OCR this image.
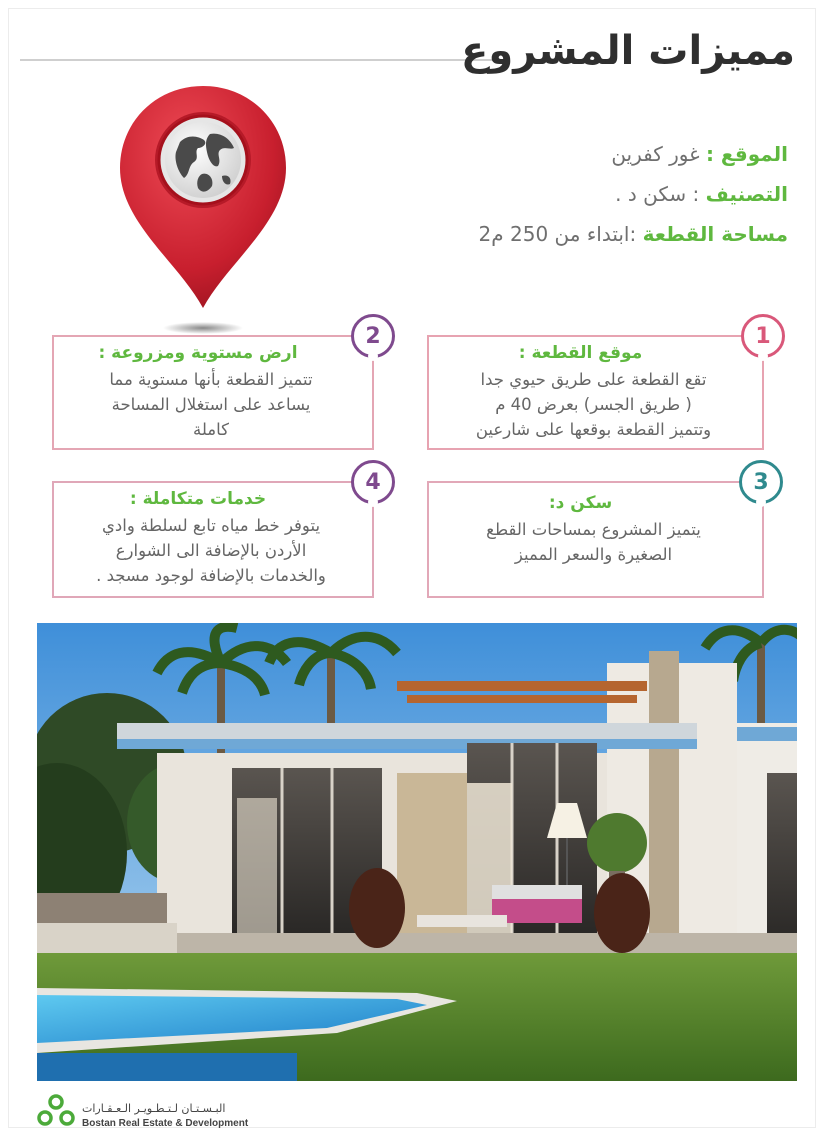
مميزات المشروع
الموقع : غور كفرين
التصنيف : سكن د .
مساحة القطعة :ابتداء من 250 م2
موقع القطعة :
تقع القطعة على طريق حيوي جدا
( طريق الجسر) بعرض 40 م
وتتميز القطعة بوقعها على شارعين
1
ارض مستوية ومزروعة :
تتميز القطعة بأنها مستوية مما
يساعد على استغلال المساحة
كاملة
2
سكن د:
يتميز المشروع بمساحات القطع
الصغيرة والسعر المميز
3
خدمات متكاملة :
يتوفر خط مياه تابع لسلطة وادي
الأردن بالإضافة الى الشوارع
والخدمات بالإضافة لوجود مسجد .
4
البـسـتـان لـتـطـويـر الـعـقـارات
Bostan Real Estate & Development
